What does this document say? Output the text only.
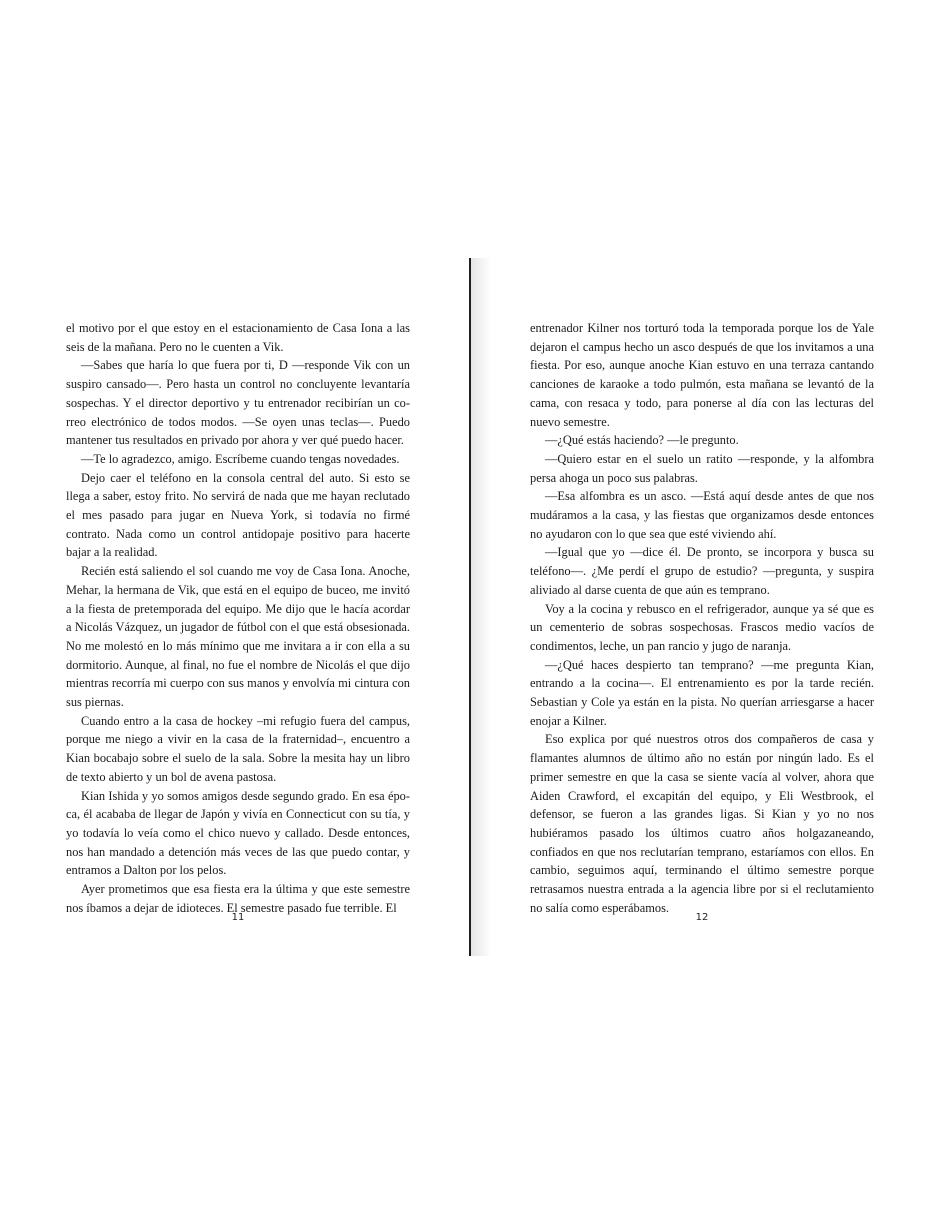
el motivo por el que estoy en el estacionamiento de Casa Iona a las seis de la mañana. Pero no le cuenten a Vik.

—Sabes que haría lo que fuera por ti, D —responde Vik con un suspiro cansado—. Pero hasta un control no concluyente levantaría sospechas. Y el director deportivo y tu entrenador recibirían un correo electrónico de todos modos. —Se oyen unas teclas—. Puedo mantener tus resultados en privado por ahora y ver qué puedo hacer.

—Te lo agradezco, amigo. Escríbeme cuando tengas novedades.

Dejo caer el teléfono en la consola central del auto. Si esto se llega a saber, estoy frito. No servirá de nada que me hayan reclutado el mes pasado para jugar en Nueva York, si todavía no firmé contrato. Nada como un control antidopaje positivo para hacerte bajar a la realidad.

Recién está saliendo el sol cuando me voy de Casa Iona. Anoche, Mehar, la hermana de Vik, que está en el equipo de buceo, me invitó a la fiesta de pretemporada del equipo. Me dijo que le hacía acordar a Nicolás Vázquez, un jugador de fútbol con el que está obsesionada. No me molestó en lo más mínimo que me invitara a ir con ella a su dormitorio. Aunque, al final, no fue el nombre de Nicolás el que dijo mientras recorría mi cuerpo con sus manos y envolvía mi cintura con sus piernas.

Cuando entro a la casa de hockey –mi refugio fuera del campus, porque me niego a vivir en la casa de la fraternidad–, encuentro a Kian bocabajo sobre el suelo de la sala. Sobre la mesita hay un libro de texto abierto y un bol de avena pastosa.

Kian Ishida y yo somos amigos desde segundo grado. En esa época, él acababa de llegar de Japón y vivía en Connecticut con su tía, y yo todavía lo veía como el chico nuevo y callado. Desde entonces, nos han mandado a detención más veces de las que puedo contar, y entramos a Dalton por los pelos.

Ayer prometimos que esa fiesta era la última y que este semestre nos íbamos a dejar de idioteces. El semestre pasado fue terrible. El

11

entrenador Kilner nos torturó toda la temporada porque los de Yale dejaron el campus hecho un asco después de que los invitamos a una fiesta. Por eso, aunque anoche Kian estuvo en una terraza cantando canciones de karaoke a todo pulmón, esta mañana se levantó de la cama, con resaca y todo, para ponerse al día con las lecturas del nuevo semestre.

—¿Qué estás haciendo? —le pregunto.

—Quiero estar en el suelo un ratito —responde, y la alfombra persa ahoga un poco sus palabras.

—Esa alfombra es un asco. —Está aquí desde antes de que nos mudáramos a la casa, y las fiestas que organizamos desde entonces no ayudaron con lo que sea que esté viviendo ahí.

—Igual que yo —dice él. De pronto, se incorpora y busca su teléfono—. ¿Me perdí el grupo de estudio? —pregunta, y suspira aliviado al darse cuenta de que aún es temprano.

Voy a la cocina y rebusco en el refrigerador, aunque ya sé que es un cementerio de sobras sospechosas. Frascos medio vacíos de condimentos, leche, un pan rancio y jugo de naranja.

—¿Qué haces despierto tan temprano? —me pregunta Kian, entrando a la cocina—. El entrenamiento es por la tarde recién. Sebastian y Cole ya están en la pista. No querían arriesgarse a hacer enojar a Kilner.

Eso explica por qué nuestros otros dos compañeros de casa y flamantes alumnos de último año no están por ningún lado. Es el primer semestre en que la casa se siente vacía al volver, ahora que Aiden Crawford, el excapitán del equipo, y Eli Westbrook, el defensor, se fueron a las grandes ligas. Si Kian y yo no nos hubiéramos pasado los últimos cuatro años holgazaneando, confiados en que nos reclutarían temprano, estaríamos con ellos. En cambio, seguimos aquí, terminando el último semestre porque retrasamos nuestra entrada a la agencia libre por si el reclutamiento no salía como esperábamos.

12
